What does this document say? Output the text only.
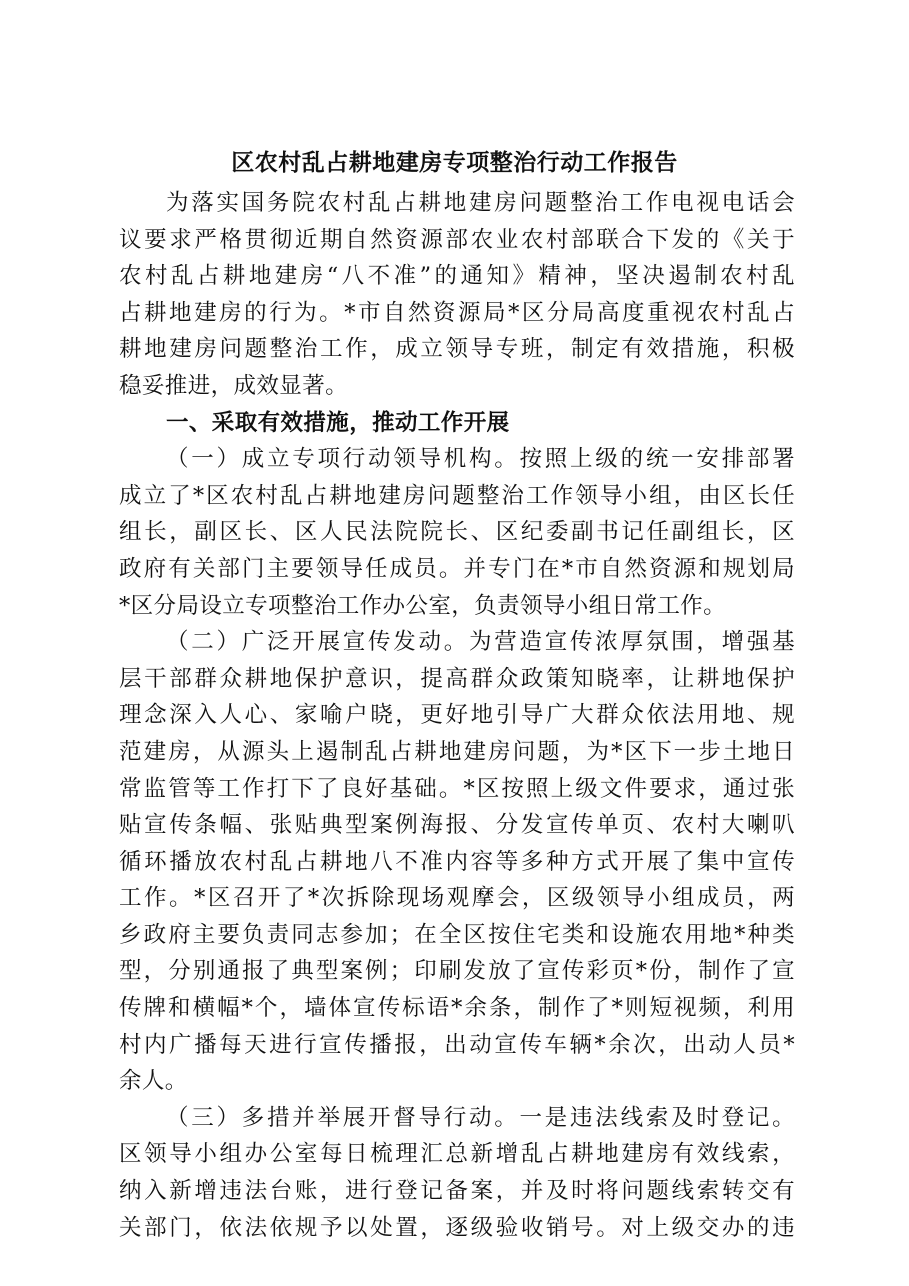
区农村乱占耕地建房专项整治行动工作报告
为落实国务院农村乱占耕地建房问题整治工作电视电话会
议要求严格贯彻近期自然资源部农业农村部联合下发的《关于
农村乱占耕地建房“八不准”的通知》精神，坚决遏制农村乱
占耕地建房的行为。*市自然资源局*区分局高度重视农村乱占
耕地建房问题整治工作，成立领导专班，制定有效措施，积极
稳妥推进，成效显著。
一、采取有效措施，推动工作开展
（一）成立专项行动领导机构。按照上级的统一安排部署
成立了*区农村乱占耕地建房问题整治工作领导小组，由区长任
组长，副区长、区人民法院院长、区纪委副书记任副组长，区
政府有关部门主要领导任成员。并专门在*市自然资源和规划局
*区分局设立专项整治工作办公室，负责领导小组日常工作。
（二）广泛开展宣传发动。为营造宣传浓厚氛围，增强基
层干部群众耕地保护意识，提高群众政策知晓率，让耕地保护
理念深入人心、家喻户晓，更好地引导广大群众依法用地、规
范建房，从源头上遏制乱占耕地建房问题，为*区下一步土地日
常监管等工作打下了良好基础。*区按照上级文件要求，通过张
贴宣传条幅、张贴典型案例海报、分发宣传单页、农村大喇叭
循环播放农村乱占耕地八不准内容等多种方式开展了集中宣传
工作。*区召开了*次拆除现场观摩会，区级领导小组成员，两
乡政府主要负责同志参加；在全区按住宅类和设施农用地*种类
型，分别通报了典型案例；印刷发放了宣传彩页*份，制作了宣
传牌和横幅*个，墙体宣传标语*余条，制作了*则短视频，利用
村内广播每天进行宣传播报，出动宣传车辆*余次，出动人员*
余人。
（三）多措并举展开督导行动。一是违法线索及时登记。
区领导小组办公室每日梳理汇总新增乱占耕地建房有效线索，
纳入新增违法台账，进行登记备案，并及时将问题线索转交有
关部门，依法依规予以处置，逐级验收销号。对上级交办的违
